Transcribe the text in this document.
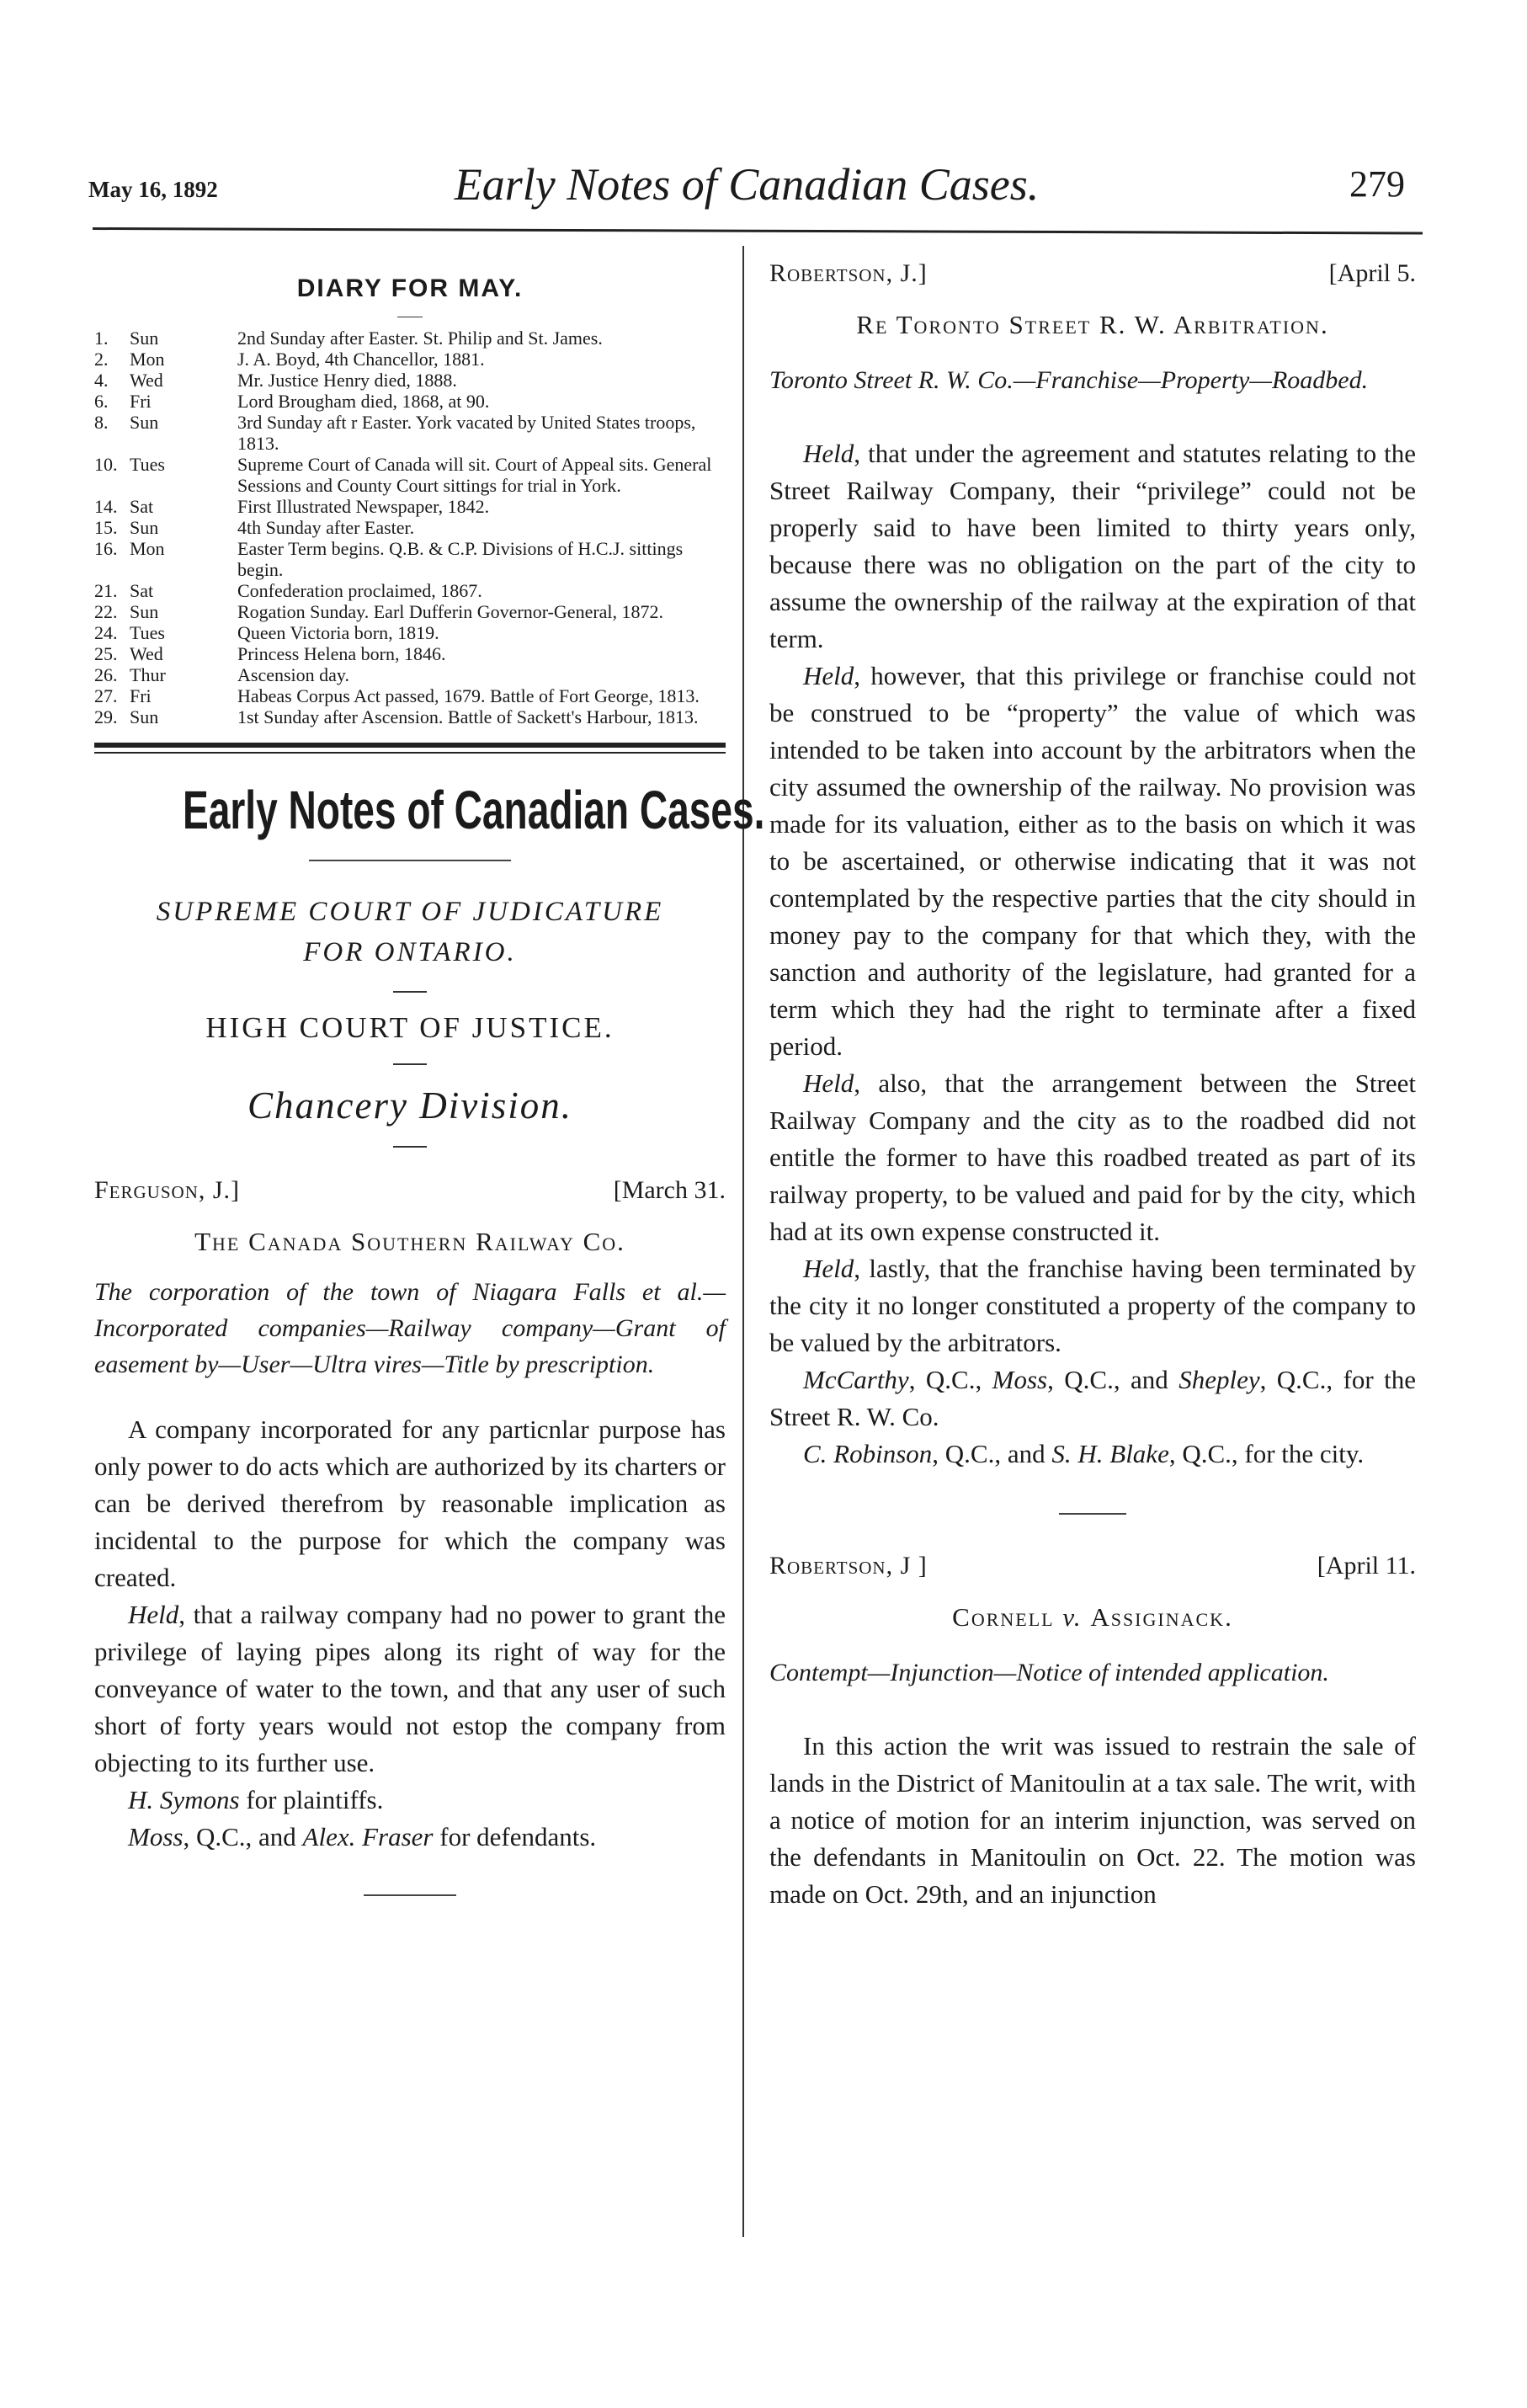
May 16, 1892	Early Notes of Canadian Cases.	279
DIARY FOR MAY.
1. Sun	2nd Sunday after Easter. St. Philip and St. James.
2. Mon	J. A. Boyd, 4th Chancellor, 1881.
4. Wed	Mr. Justice Henry died, 1888.
6. Fri	Lord Brougham died, 1868, at 90.
8. Sun	3rd Sunday aft r Easter. York vacated by United States troops, 1813.
10. Tues	Supreme Court of Canada will sit. Court of Appeal sits. General Sessions and County Court sittings for trial in York.
14. Sat	First Illustrated Newspaper, 1842.
15. Sun	4th Sunday after Easter.
16. Mon	Easter Term begins. Q.B. & C.P. Divisions of H.C.J. sittings begin.
21. Sat	Confederation proclaimed, 1867.
22. Sun	Rogation Sunday. Earl Dufferin Governor-General, 1872.
24. Tues	Queen Victoria born, 1819.
25. Wed	Princess Helena born, 1846.
26. Thur	Ascension day.
27. Fri	Habeas Corpus Act passed, 1679. Battle of Fort George, 1813.
29. Sun	1st Sunday after Ascension. Battle of Sackett's Harbour, 1813.
Early Notes of Canadian Cases.
SUPREME COURT OF JUDICATURE
FOR ONTARIO.
HIGH COURT OF JUSTICE.
Chancery Division.
Ferguson, J.]	[March 31.
The Canada Southern Railway Co.
The corporation of the town of Niagara Falls et al.—Incorporated companies—Railway company—Grant of easement by—User—Ultra vires—Title by prescription.

A company incorporated for any particnlar purpose has only power to do acts which are authorized by its charters or can be derived therefrom by reasonable implication as incidental to the purpose for which the company was created.

Held, that a railway company had no power to grant the privilege of laying pipes along its right of way for the conveyance of water to the town, and that any user of such short of forty years would not estop the company from objecting to its further use.

H. Symons for plaintiffs.

Moss, Q.C., and Alex. Fraser for defendants.

Robertson, J.]	[April 5.
Re Toronto Street R. W. Arbitration.
Toronto Street R. W. Co.—Franchise—Property—Roadbed.

Held, that under the agreement and statutes relating to the Street Railway Company, their “privilege” could not be properly said to have been limited to thirty years only, because there was no obligation on the part of the city to assume the ownership of the railway at the expiration of that term.

Held, however, that this privilege or franchise could not be construed to be “property” the value of which was intended to be taken into account by the arbitrators when the city assumed the ownership of the railway. No provision was made for its valuation, either as to the basis on which it was to be ascertained, or otherwise indicating that it was not contemplated by the respective parties that the city should in money pay to the company for that which they, with the sanction and authority of the legislature, had granted for a term which they had the right to terminate after a fixed period.

Held, also, that the arrangement between the Street Railway Company and the city as to the roadbed did not entitle the former to have this roadbed treated as part of its railway property, to be valued and paid for by the city, which had at its own expense constructed it.

Held, lastly, that the franchise having been terminated by the city it no longer constituted a property of the company to be valued by the arbitrators.

McCarthy, Q.C., Moss, Q.C., and Shepley, Q.C., for the Street R. W. Co.

C. Robinson, Q.C., and S. H. Blake, Q.C., for the city.

Robertson, J ]	[April 11.
Cornell v. Assiginack.
Contempt—Injunction—Notice of intended application.

In this action the writ was issued to restrain the sale of lands in the District of Manitoulin at a tax sale. The writ, with a notice of motion for an interim injunction, was served on the defendants in Manitoulin on Oct. 22. The motion was made on Oct. 29th, and an injunction
